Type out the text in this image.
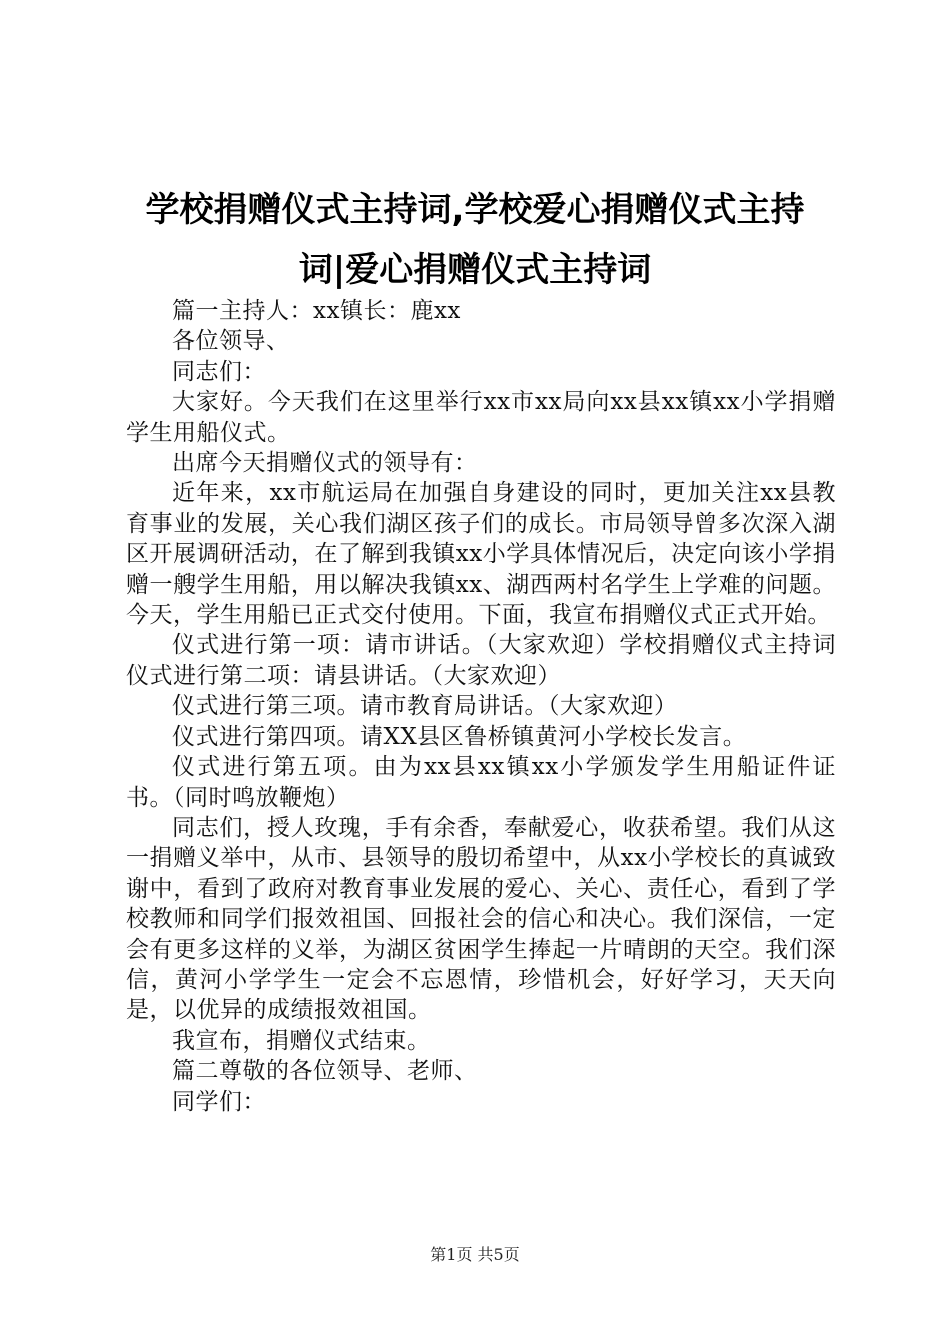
学校捐赠仪式主持词,学校爱心捐赠仪式主持
词|爱心捐赠仪式主持词

篇一主持人：xx镇长：鹿xx

各位领导、

同志们：

大家好。今天我们在这里举行xx市xx局向xx县xx镇xx小学捐赠学生用船仪式。

出席今天捐赠仪式的领导有：

近年来，xx市航运局在加强自身建设的同时，更加关注xx县教育事业的发展，关心我们湖区孩子们的成长。市局领导曾多次深入湖区开展调研活动，在了解到我镇xx小学具体情况后，决定向该小学捐赠一艘学生用船，用以解决我镇xx、湖西两村名学生上学难的问题。今天，学生用船已正式交付使用。下面，我宣布捐赠仪式正式开始。

仪式进行第一项：请市讲话。（大家欢迎）学校捐赠仪式主持词仪式进行第二项：请县讲话。（大家欢迎）

仪式进行第三项。请市教育局讲话。（大家欢迎）

仪式进行第四项。请XX县区鲁桥镇黄河小学校长发言。

仪式进行第五项。由为xx县xx镇xx小学颁发学生用船证件证书。（同时鸣放鞭炮）

同志们，授人玫瑰，手有余香，奉献爱心，收获希望。我们从这一捐赠义举中，从市、县领导的殷切希望中，从xx小学校长的真诚致谢中，看到了政府对教育事业发展的爱心、关心、责任心，看到了学校教师和同学们报效祖国、回报社会的信心和决心。我们深信，一定会有更多这样的义举，为湖区贫困学生捧起一片晴朗的天空。我们深信，黄河小学学生一定会不忘恩情，珍惜机会，好好学习，天天向是，以优异的成绩报效祖国。

我宣布，捐赠仪式结束。

篇二尊敬的各位领导、老师、

同学们：

第1页 共5页
